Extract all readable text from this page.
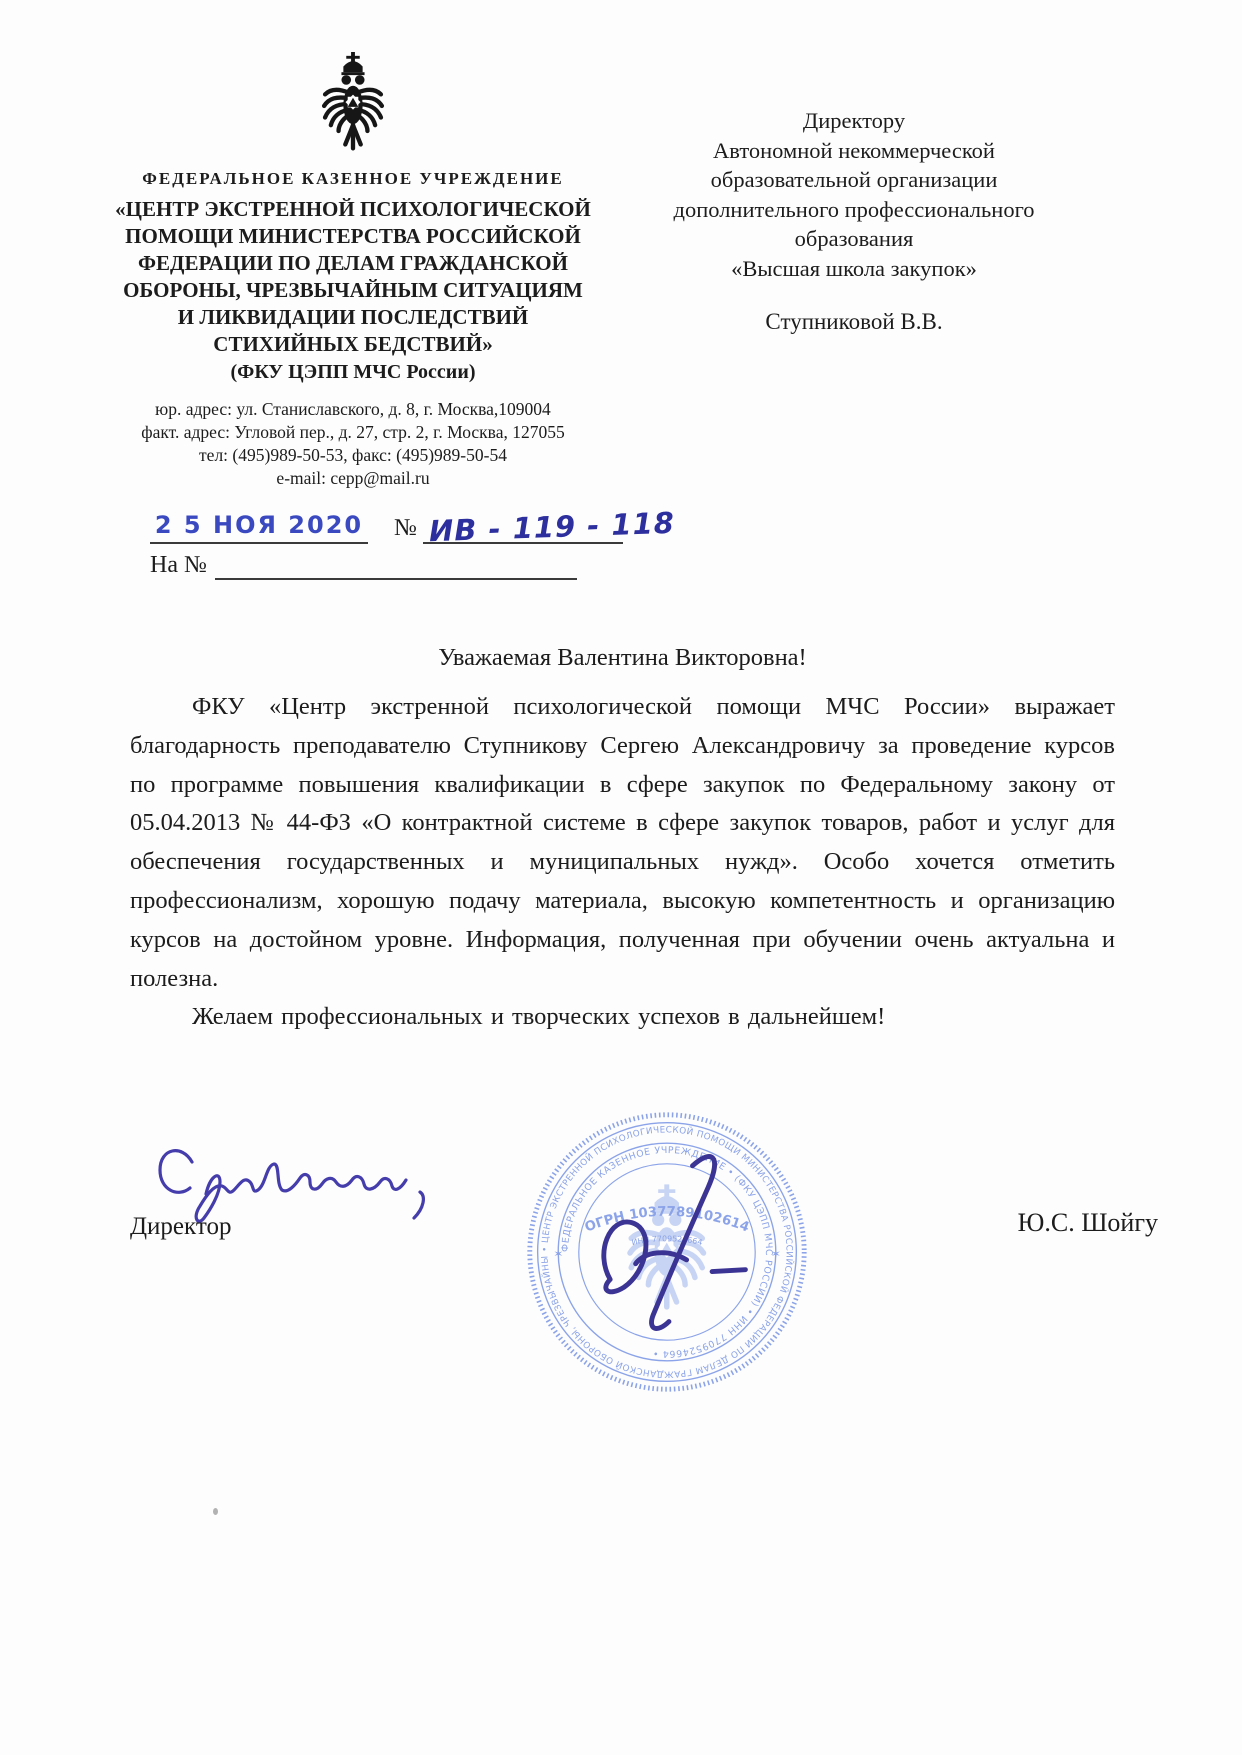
ФЕДЕРАЛЬНОЕ КАЗЕННОЕ УЧРЕЖДЕНИЕ
«ЦЕНТР ЭКСТРЕННОЙ ПСИХОЛОГИЧЕСКОЙ
ПОМОЩИ МИНИСТЕРСТВА РОССИЙСКОЙ
ФЕДЕРАЦИИ ПО ДЕЛАМ ГРАЖДАНСКОЙ
ОБОРОНЫ, ЧРЕЗВЫЧАЙНЫМ СИТУАЦИЯМ
И ЛИКВИДАЦИИ ПОСЛЕДСТВИЙ
СТИХИЙНЫХ БЕДСТВИЙ»
(ФКУ ЦЭПП МЧС России)
юр. адрес: ул. Станиславского, д. 8, г. Москва,109004
факт. адрес: Угловой пер., д. 27, стр. 2, г. Москва, 127055
тел: (495)989-50-53, факс: (495)989-50-54
e-mail: cepp@mail.ru
Директору
Автономной некоммерческой
образовательной организации
дополнительного профессионального
образования
«Высшая школа закупок»
Ступниковой В.В.
2 5 НОЯ 2020 № ИВ - 119 - 118
На №
Уважаемая Валентина Викторовна!

ФКУ «Центр экстренной психологической помощи МЧС России» выражает благодарность преподавателю Ступникову Сергею Александровичу за проведение курсов по программе повышения квалификации в сфере закупок по Федеральному закону от 05.04.2013 № 44-ФЗ «О контрактной системе в сфере закупок товаров, работ и услуг для обеспечения государственных и муниципальных нужд». Особо хочется отметить профессионализм, хорошую подачу материала, высокую компетентность и организацию курсов на достойном уровне. Информация, полученная при обучении очень актуальна и полезна.

Желаем профессиональных и творческих успехов в дальнейшем!

Директор	Ю.С. Шойгу
• ЦЕНТР ЭКСТРЕННОЙ ПСИХОЛОГИЧЕСКОЙ ПОМОЩИ МИНИСТЕРСТВА РОССИЙСКОЙ ФЕДЕРАЦИИ ПО ДЕЛАМ ГРАЖДАНСКОЙ ОБОРОНЫ, ЧРЕЗВЫЧАЙНЫ
ФЕДЕРАЛЬНОЕ КАЗЕННОЕ УЧРЕЖДЕНИЕ • (ФКУ ЦЭПП МЧС РОССИИ) • ИНН 7709524664 •
ОГРН 1037789102614
ИНН 7709524664
✶	✶
